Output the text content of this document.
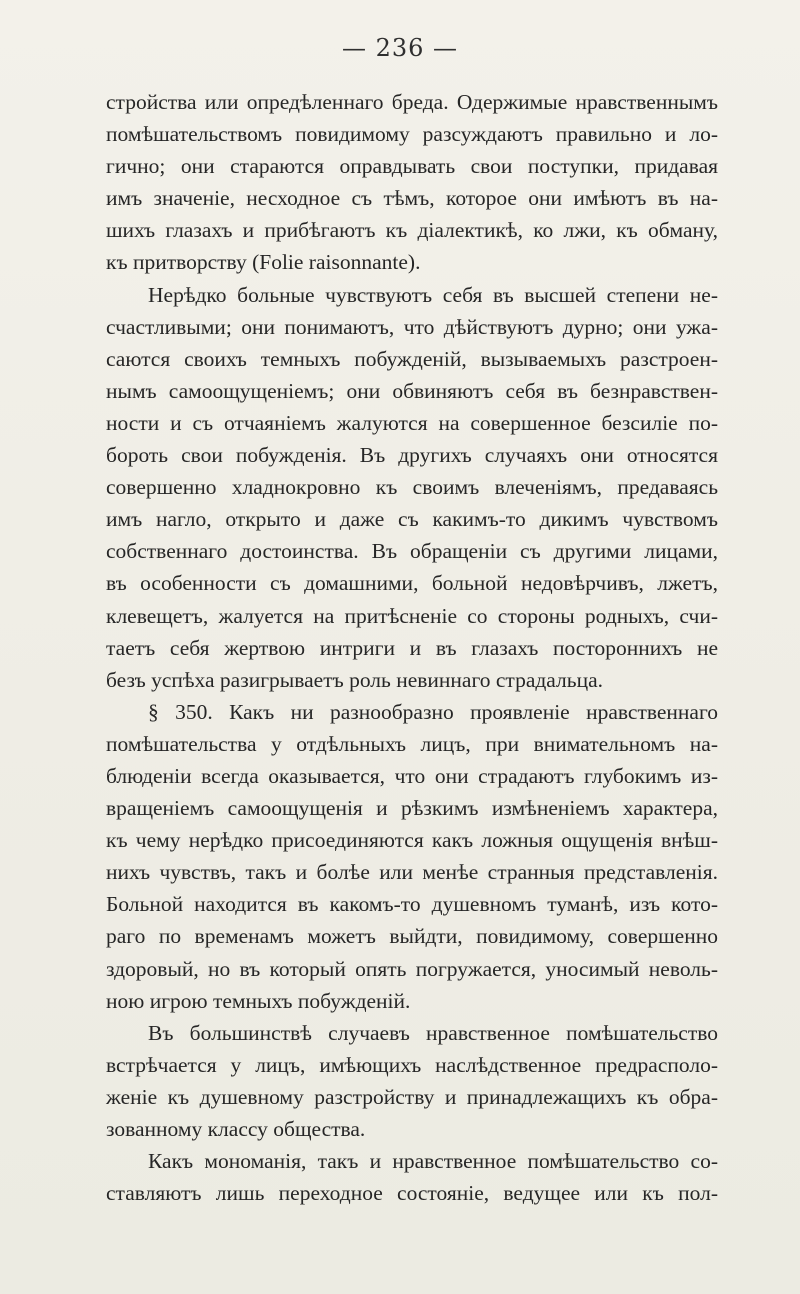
— 236 —
стройства или опредѣленнаго бреда. Одержимые нравственнымъ
помѣшательствомъ повидимому разсуждаютъ правильно и ло-
гично; они стараются оправдывать свои поступки, придавая
имъ значеніе, несходное съ тѣмъ, которое они имѣютъ въ на-
шихъ глазахъ и прибѣгаютъ къ діалектикѣ, ко лжи, къ обману,
къ притворству (Folie raisonnante).
Нерѣдко больные чувствуютъ себя въ высшей степени не-
счастливыми; они понимаютъ, что дѣйствуютъ дурно; они ужа-
саются своихъ темныхъ побужденій, вызываемыхъ разстроен-
нымъ самоощущеніемъ; они обвиняютъ себя въ безнравствен-
ности и съ отчаяніемъ жалуются на совершенное безсиліе по-
бороть свои побужденія. Въ другихъ случаяхъ они относятся
совершенно хладнокровно къ своимъ влеченіямъ, предаваясь
имъ нагло, открыто и даже съ какимъ-то дикимъ чувствомъ
собственнаго достоинства. Въ обращеніи съ другими лицами,
въ особенности съ домашними, больной недовѣрчивъ, лжетъ,
клевещетъ, жалуется на притѣсненіе со стороны родныхъ, счи-
таетъ себя жертвою интриги и въ глазахъ постороннихъ не
безъ успѣха разигрываетъ роль невиннаго страдальца.
§ 350. Какъ ни разнообразно проявленіе нравственнаго
помѣшательства у отдѣльныхъ лицъ, при внимательномъ на-
блюденіи всегда оказывается, что они страдаютъ глубокимъ из-
вращеніемъ самоощущенія и рѣзкимъ измѣненіемъ характера,
къ чему нерѣдко присоединяются какъ ложныя ощущенія внѣш-
нихъ чувствъ, такъ и болѣе или менѣе странныя представленія.
Больной находится въ какомъ-то душевномъ туманѣ, изъ кото-
раго по временамъ можетъ выйдти, повидимому, совершенно
здоровый, но въ который опять погружается, уносимый неволь-
ною игрою темныхъ побужденій.
Въ большинствѣ случаевъ нравственное помѣшательство
встрѣчается у лицъ, имѣющихъ наслѣдственное предрасполо-
женіе къ душевному разстройству и принадлежащихъ къ обра-
зованному классу общества.
Какъ мономанія, такъ и нравственное помѣшательство со-
ставляютъ лишь переходное состояніе, ведущее или къ пол-
